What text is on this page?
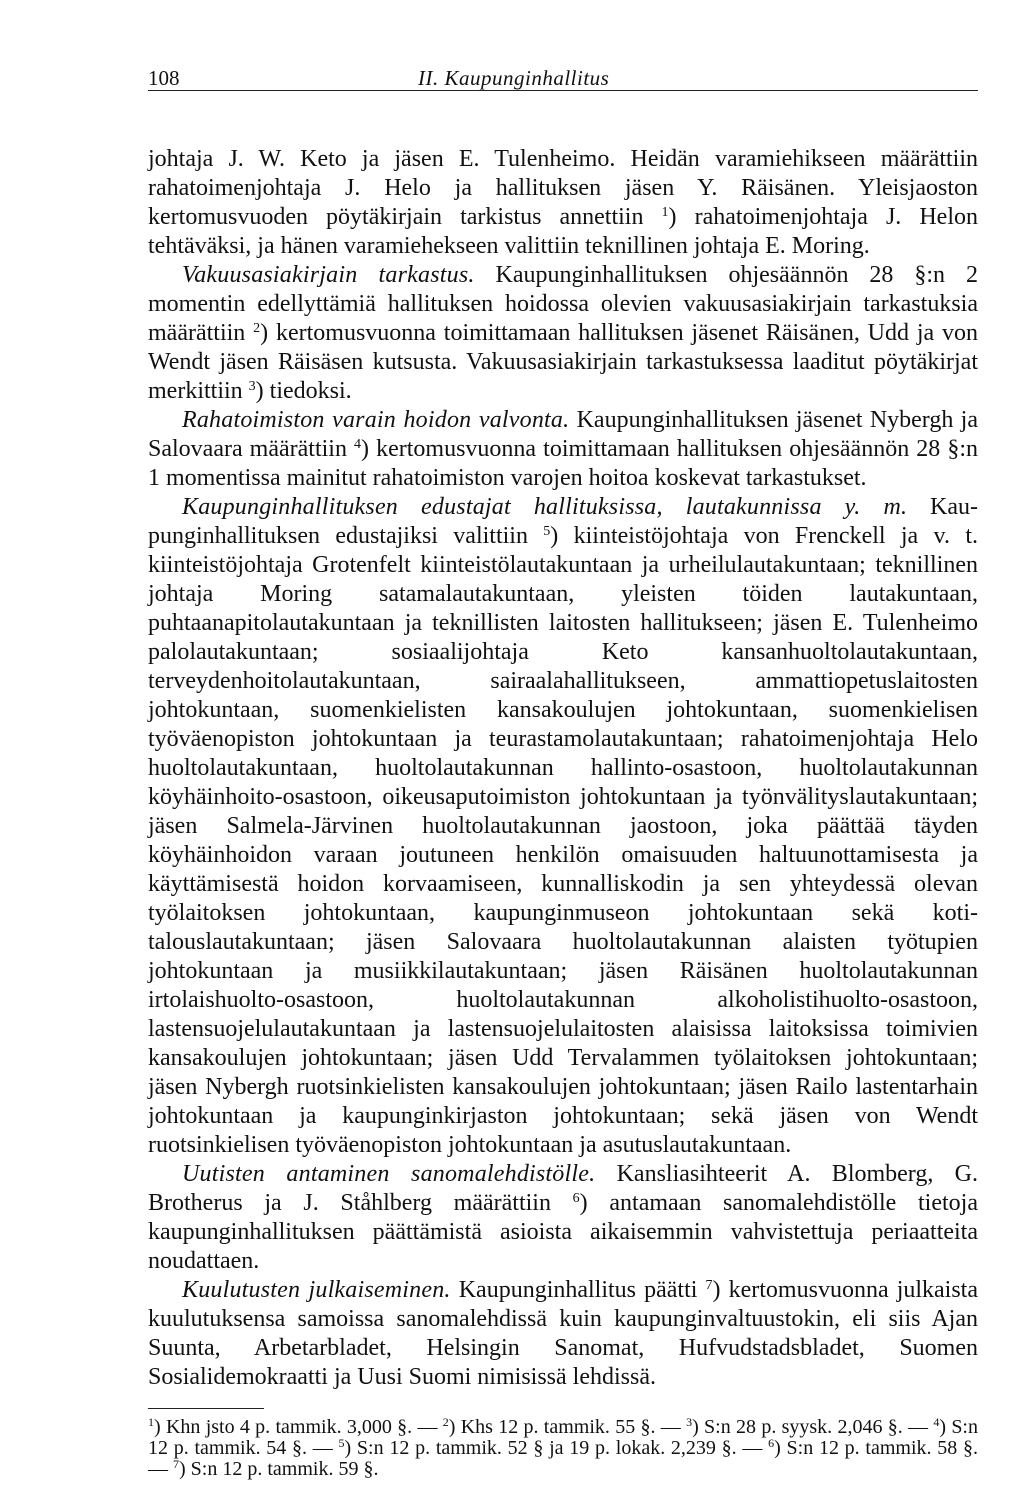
108	II. Kaupunginhallitus

johtaja J. W. Keto ja jäsen E. Tulenheimo. Heidän varamiehikseen määrättiin rahatoimenjohtaja J. Helo ja hallituksen jäsen Y. Räisänen. Yleisjaoston kertomusvuoden pöytäkirjain tarkistus annettiin $^1$) rahatoimenjohtaja J. Helon tehtäväksi, ja hänen varamiehekseen valittiin teknillinen johtaja E. Moring.

Vakuusasiakirjain tarkastus. Kaupunginhallituksen ohjesäännön 28 §:n 2 momentin edellyttämiä hallituksen hoidossa olevien vakuusasiakirjain tarkastuksia määrättiin $^2$) kertomusvuonna toimittamaan hallituksen jäsenet Räisänen, Udd ja von Wendt jäsen Räisäsen kutsusta. Vakuusasiakirjain tarkastuksessa laaditut pöytäkirjat merkittiin $^3$) tiedoksi.

Rahatoimiston varain hoidon valvonta. Kaupunginhallituksen jäsenet Nybergh ja Salovaara määrättiin $^4$) kertomusvuonna toimittamaan hallituksen ohjesäännön 28 §:n 1 momentissa mainitut rahatoimiston varojen hoitoa koskevat tarkastukset.

Kaupunginhallituksen edustajat hallituksissa, lautakunnissa y. m. Kaupunginhallituksen edustajiksi valittiin $^5$) kiinteistöjohtaja von Frenckell ja v. t. kiinteistöjohtaja Grotenfelt kiinteistölautakuntaan ja urheilulautakuntaan; teknillinen johtaja Moring satamalautakuntaan, yleisten töiden lautakuntaan, puhtaanapitolautakuntaan ja teknillisten laitosten hallitukseen; jäsen E. Tulenheimo palolautakuntaan; sosiaalijohtaja Keto kansanhuoltolautakuntaan, terveydenhoitolautakuntaan, sairaalahallitukseen, ammattiopetuslaitosten johtokuntaan, suomenkielisten kansakoulujen johtokuntaan, suomenkielisen työväenopiston johtokuntaan ja teurastamolautakuntaan; rahatoimenjohtaja Helo huoltolautakuntaan, huoltolautakunnan hallinto-osastoon, huoltolautakunnan köyhäinhoito-osastoon, oikeusaputoimiston johtokuntaan ja työnvälityslautakuntaan; jäsen Salmela-Järvinen huoltolautakunnan jaostoon, joka päättää täyden köyhäinhoidon varaan joutuneen henkilön omaisuuden haltuunottamisesta ja käyttämisestä hoidon korvaamiseen, kunnalliskodin ja sen yhteydessä olevan työlaitoksen johtokuntaan, kaupunginmuseon johtokuntaan sekä kotitalouslautakuntaan; jäsen Salovaara huoltolautakunnan alaisten työtupien johtokuntaan ja musiikkilautakuntaan; jäsen Räisänen huoltolautakunnan irtolaishuolto-osastoon, huoltolautakunnan alkoholistihuolto-osastoon, lastensuojelulautakuntaan ja lastensuojelulaitosten alaisissa laitoksissa toimivien kansakoulujen johtokuntaan; jäsen Udd Tervalammen työlaitoksen johtokuntaan; jäsen Nybergh ruotsinkielisten kansakoulujen johtokuntaan; jäsen Railo lastentarhain johtokuntaan ja kaupunginkirjaston johtokuntaan; sekä jäsen von Wendt ruotsinkielisen työväenopiston johtokuntaan ja asutuslautakuntaan.

Uutisten antaminen sanomalehdistölle. Kansliasihteerit A. Blomberg, G. Brotherus ja J. Ståhlberg määrättiin $^6$) antamaan sanomalehdistölle tietoja kaupunginhallituksen päättämistä asioista aikaisemmin vahvistettuja periaatteita noudattaen.

Kuulutusten julkaiseminen. Kaupunginhallitus päätti $^7$) kertomusvuonna julkaista kuulutuksensa samoissa sanomalehdissä kuin kaupunginvaltuustokin, eli siis Ajan Suunta, Arbetarbladet, Helsingin Sanomat, Hufvudstadsbladet, Suomen Sosialidemokraatti ja Uusi Suomi nimisissä lehdissä.

$^1$) Khn jsto 4 p. tammik. 3,000 §. — $^2$) Khs 12 p. tammik. 55 §. — $^3$) S:n 28 p. syysk. 2,046 §. — $^4$) S:n 12 p. tammik. 54 §. — $^5$) S:n 12 p. tammik. 52 § ja 19 p. lokak. 2,239 §. — $^6$) S:n 12 p. tammik. 58 §. — $^7$) S:n 12 p. tammik. 59 §.
